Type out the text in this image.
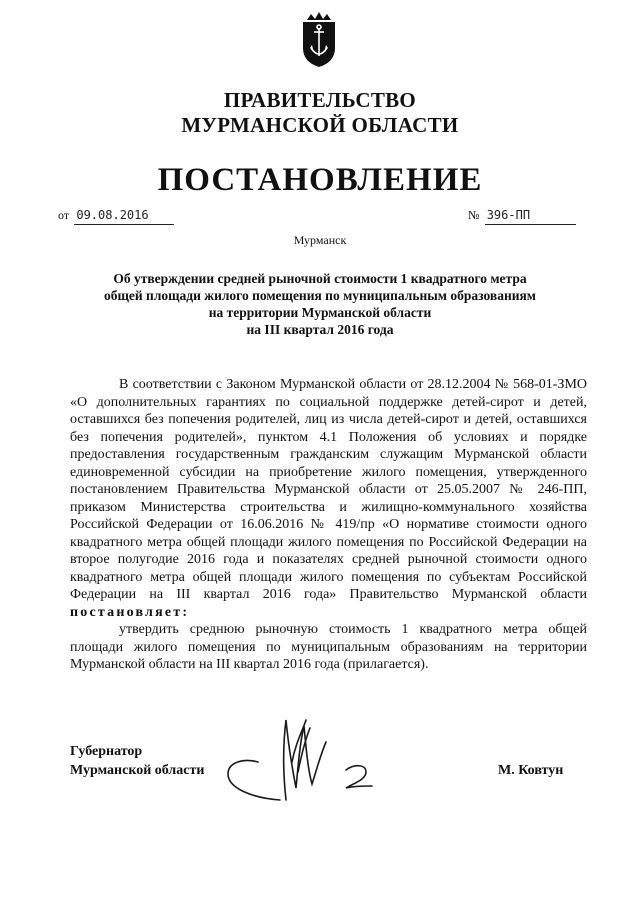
ПРАВИТЕЛЬСТВО
МУРМАНСКОЙ ОБЛАСТИ
ПОСТАНОВЛЕНИЕ
от 09.08.2016	№ 396-ПП
Мурманск
Об утверждении средней рыночной стоимости 1 квадратного метра
общей площади жилого помещения по муниципальным образованиям
на территории Мурманской области
на III квартал 2016 года

В соответствии с Законом Мурманской области от 28.12.2004 № 568-01-ЗМО «О дополнительных гарантиях по социальной поддержке детей-сирот и детей, оставшихся без попечения родителей, лиц из числа детей-сирот и детей, оставшихся без попечения родителей», пунктом 4.1 Положения об условиях и порядке предоставления государственным гражданским служащим Мурманской области единовременной субсидии на приобретение жилого помещения, утвержденного постановлением Правительства Мурманской области от 25.05.2007 № 246-ПП, приказом Министерства строительства и жилищно-коммунального хозяйства Российской Федерации от 16.06.2016 № 419/пр «О нормативе стоимости одного квадратного метра общей площади жилого помещения по Российской Федерации на второе полугодие 2016 года и показателях средней рыночной стоимости одного квадратного метра общей площади жилого помещения по субъектам Российской Федерации на III квартал 2016 года» Правительство Мурманской области постановляет:

утвердить среднюю рыночную стоимость 1 квадратного метра общей площади жилого помещения по муниципальным образованиям на территории Мурманской области на III квартал 2016 года (прилагается).

Губернатор
Мурманской области	М. Ковтун
